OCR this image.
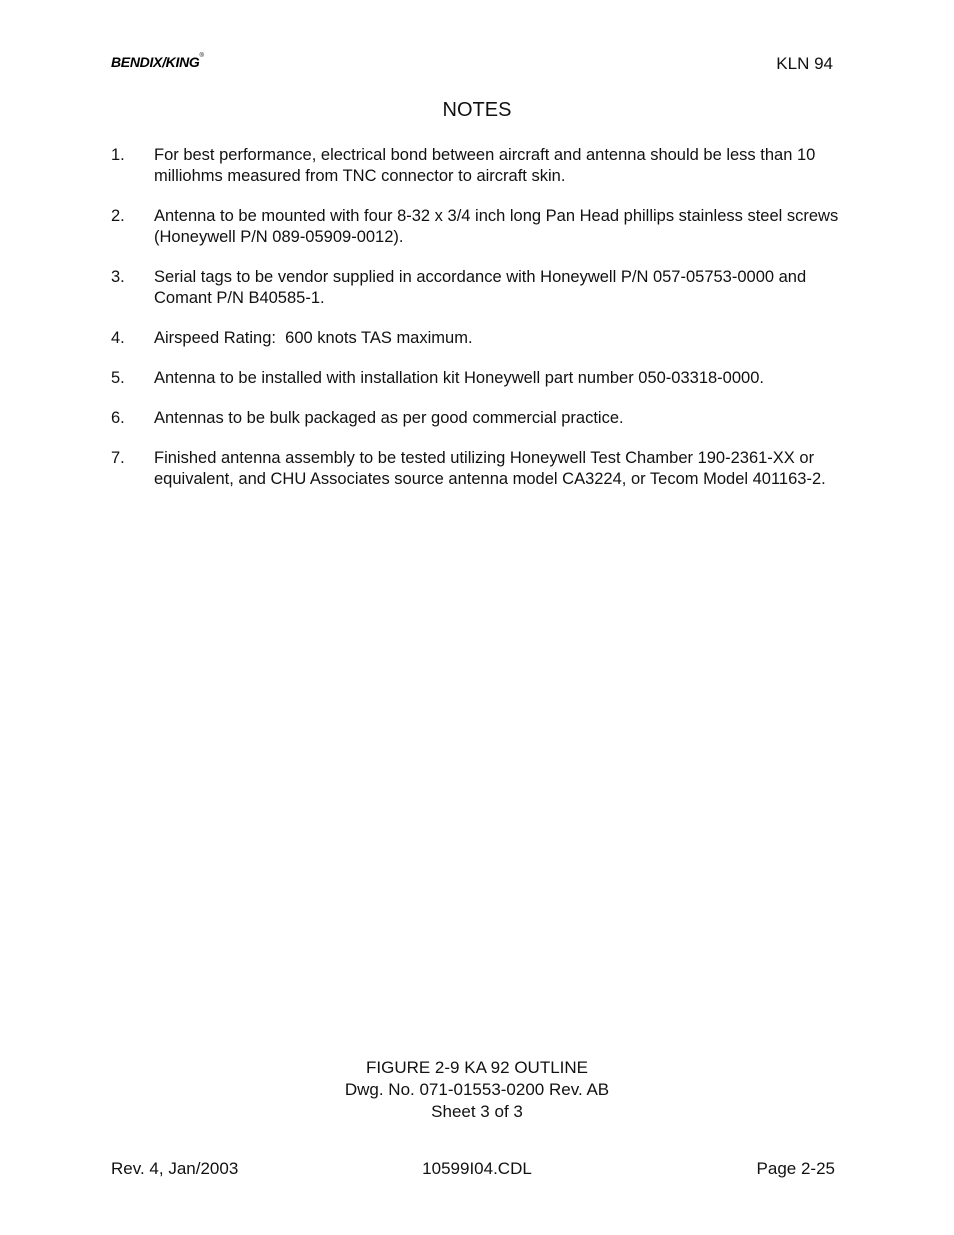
BENDIX/KING®	KLN 94
NOTES
1. For best performance, electrical bond between aircraft and antenna should be less than 10 milliohms measured from TNC connector to aircraft skin.
2. Antenna to be mounted with four 8-32 x 3/4 inch long Pan Head phillips stainless steel screws (Honeywell P/N 089-05909-0012).
3. Serial tags to be vendor supplied in accordance with Honeywell P/N 057-05753-0000 and Comant P/N B40585-1.
4. Airspeed Rating:  600 knots TAS maximum.
5. Antenna to be installed with installation kit Honeywell part number 050-03318-0000.
6. Antennas to be bulk packaged as per good commercial practice.
7. Finished antenna assembly to be tested utilizing Honeywell Test Chamber 190-2361-XX or equivalent, and CHU Associates source antenna model CA3224, or Tecom Model 401163-2.
FIGURE 2-9 KA 92 OUTLINE
Dwg. No. 071-01553-0200 Rev. AB
Sheet 3 of 3
Rev. 4, Jan/2003	10599I04.CDL	Page 2-25
